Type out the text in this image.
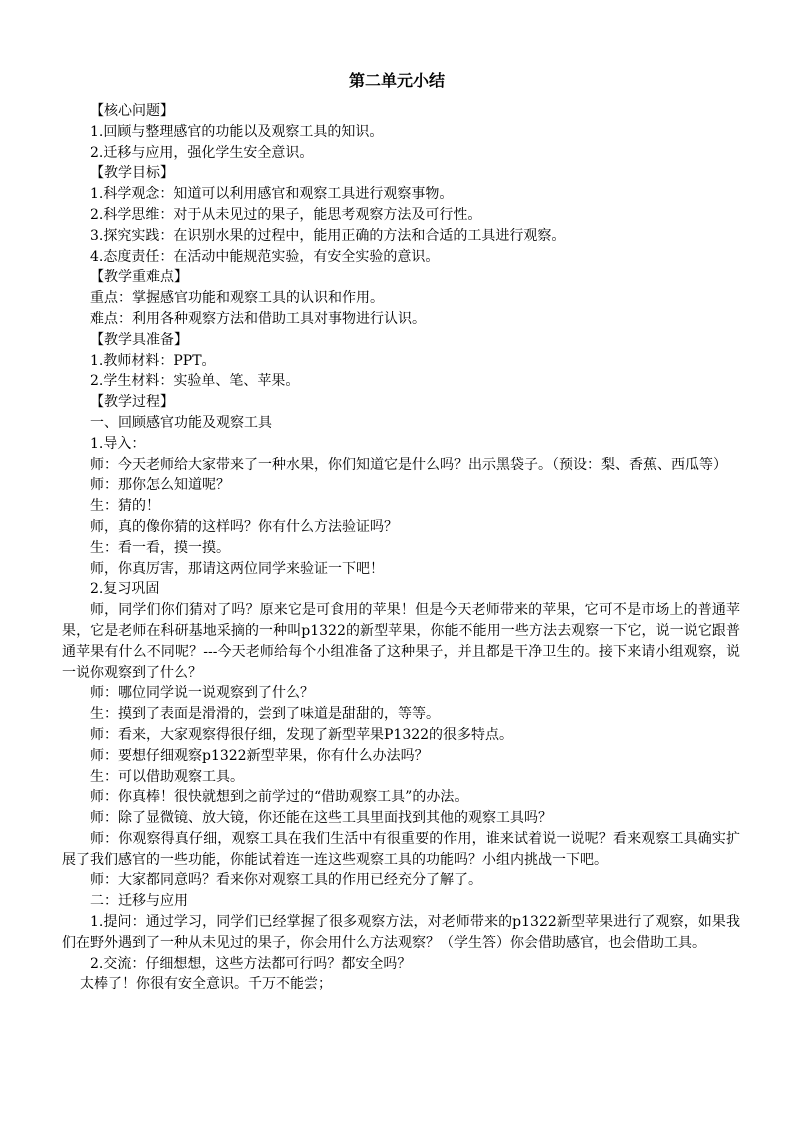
第二单元小结

【核心问题】

1.回顾与整理感官的功能以及观察工具的知识。

2.迁移与应用，强化学生安全意识。

【教学目标】

1.科学观念：知道可以利用感官和观察工具进行观察事物。

2.科学思维：对于从未见过的果子，能思考观察方法及可行性。

3.探究实践：在识别水果的过程中，能用正确的方法和合适的工具进行观察。

4.态度责任：在活动中能规范实验，有安全实验的意识。

【教学重难点】

重点：掌握感官功能和观察工具的认识和作用。

难点：利用各种观察方法和借助工具对事物进行认识。

【教学具准备】

1.教师材料：PPT。

2.学生材料：实验单、笔、苹果。

【教学过程】

一、回顾感官功能及观察工具

1.导入：

师：今天老师给大家带来了一种水果，你们知道它是什么吗？出示黑袋子。（预设：梨、香蕉、西瓜等）

师：那你怎么知道呢？

生：猜的！

师，真的像你猜的这样吗？你有什么方法验证吗？

生：看一看，摸一摸。

师，你真厉害，那请这两位同学来验证一下吧！

2.复习巩固

师，同学们你们猜对了吗？原来它是可食用的苹果！但是今天老师带来的苹果，它可不是市场上的普通苹果，它是老师在科研基地采摘的一种叫p1322的新型苹果，你能不能用一些方法去观察一下它，说一说它跟普通苹果有什么不同呢？---今天老师给每个小组准备了这种果子，并且都是干净卫生的。接下来请小组观察，说一说你观察到了什么？

师：哪位同学说一说观察到了什么？

生：摸到了表面是滑滑的，尝到了味道是甜甜的，等等。

师：看来，大家观察得很仔细，发现了新型苹果P1322的很多特点。

师：要想仔细观察p1322新型苹果，你有什么办法吗？

生：可以借助观察工具。

师：你真棒！很快就想到之前学过的“借助观察工具”的办法。

师：除了显微镜、放大镜，你还能在这些工具里面找到其他的观察工具吗？

师：你观察得真仔细，观察工具在我们生活中有很重要的作用，谁来试着说一说呢？看来观察工具确实扩展了我们感官的一些功能，你能试着连一连这些观察工具的功能吗？小组内挑战一下吧。

师：大家都同意吗？看来你对观察工具的作用已经充分了解了。

二：迁移与应用

1.提问：通过学习，同学们已经掌握了很多观察方法，对老师带来的p1322新型苹果进行了观察，如果我们在野外遇到了一种从未见过的果子，你会用什么方法观察？（学生答）你会借助感官，也会借助工具。

2.交流：仔细想想，这些方法都可行吗？都安全吗？

太棒了！你很有安全意识。千万不能尝；
